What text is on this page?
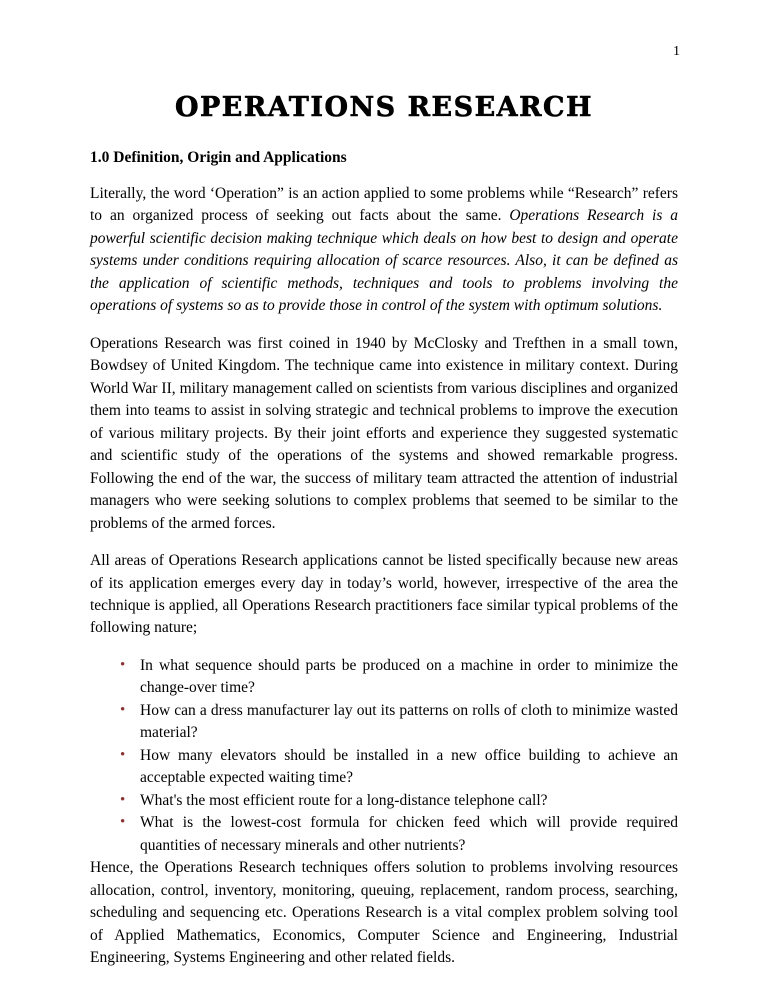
1
OPERATIONS RESEARCH
1.0 Definition, Origin and Applications

Literally, the word ‘Operation” is an action applied to some problems while “Research” refers to an organized process of seeking out facts about the same. Operations Research is a powerful scientific decision making technique which deals on how best to design and operate systems under conditions requiring allocation of scarce resources. Also, it can be defined as the application of scientific methods, techniques and tools to problems involving the operations of systems so as to provide those in control of the system with optimum solutions.

Operations Research was first coined in 1940 by McClosky and Trefthen in a small town, Bowdsey of United Kingdom. The technique came into existence in military context. During World War II, military management called on scientists from various disciplines and organized them into teams to assist in solving strategic and technical problems to improve the execution of various military projects. By their joint efforts and experience they suggested systematic and scientific study of the operations of the systems and showed remarkable progress. Following the end of the war, the success of military team attracted the attention of industrial managers who were seeking solutions to complex problems that seemed to be similar to the problems of the armed forces.

All areas of Operations Research applications cannot be listed specifically because new areas of its application emerges every day in today’s world, however, irrespective of the area the technique is applied, all Operations Research practitioners face similar typical problems of the following nature;

• In what sequence should parts be produced on a machine in order to minimize the change-over time?
• How can a dress manufacturer lay out its patterns on rolls of cloth to minimize wasted material?
• How many elevators should be installed in a new office building to achieve an acceptable expected waiting time?
• What's the most efficient route for a long-distance telephone call?
• What is the lowest-cost formula for chicken feed which will provide required quantities of necessary minerals and other nutrients?

Hence, the Operations Research techniques offers solution to problems involving resources allocation, control, inventory, monitoring, queuing, replacement, random process, searching, scheduling and sequencing etc. Operations Research is a vital complex problem solving tool of Applied Mathematics, Economics, Computer Science and Engineering, Industrial Engineering, Systems Engineering and other related fields.
